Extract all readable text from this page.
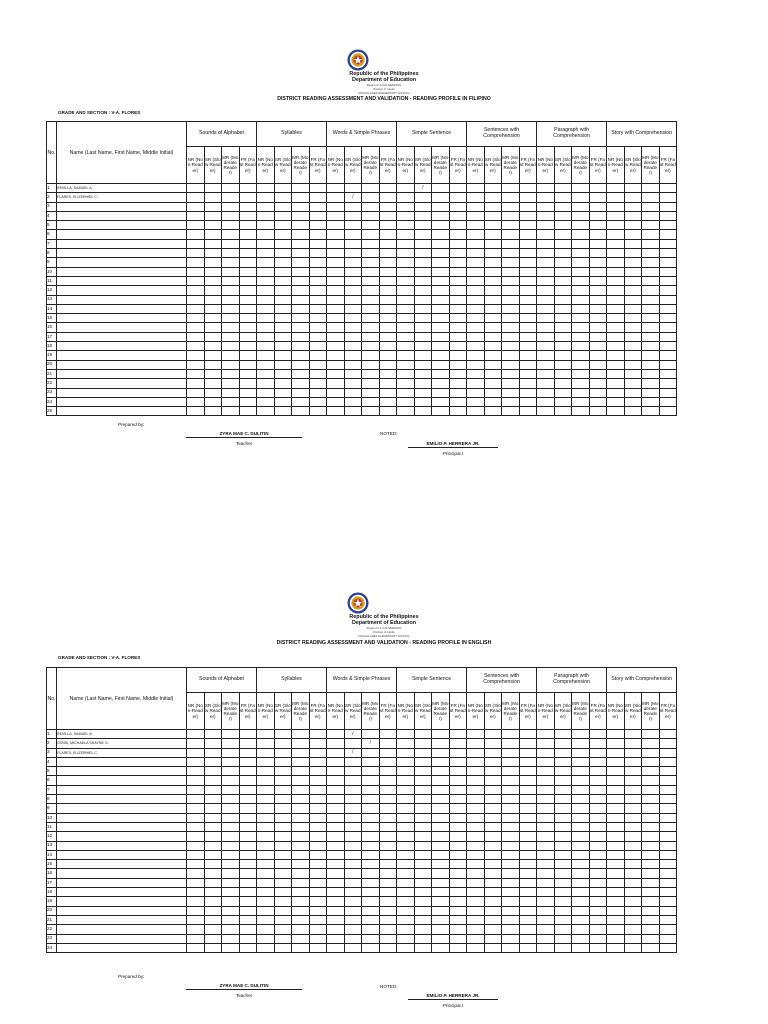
Republic of the Philippines
Department of Education
Region IV-A CALABARZON
Division of Cavite
MAGALLANES ELEMENTARY SCHOOL
DISTRICT READING ASSESSMENT AND VALIDATION - READING PROFILE IN FILIPINO
GRADE AND SECTION : V-A. FLORES
No.	Name (Last Name, First Name, Middle Initial)	Sounds of Alphabet				Syllables				Words & Simple Phrases				Simple Sentence				Sentences with Comprehension				Paragraph with Comprehension				Story with Comprehension			
		NR (Non-Reader)	SR (Slow Reader)	MR (Moderate Reader)	FR (Fast Reader)	NR (Non-Reader)	SR (Slow Reader)	MR (Moderate Reader)	FR (Fast Reader)	NR (Non-Reader)	SR (Slow Reader)	MR (Moderate Reader)	FR (Fast Reader)	NR (Non-Reader)	SR (Slow Reader)	MR (Moderate Reader)	FR (Fast Reader)	NR (Non-Reader)	SR (Slow Reader)	MR (Moderate Reader)	FR (Fast Reader)	NR (Non-Reader)	SR (Slow Reader)	MR (Moderate Reader)	FR (Fast Reader)	NR (Non-Reader)	SR (Slow Reader)	MR (Moderate Reader)	FR (Fast Reader)
1	REVILLA, SAMUEL A.														/														
2	FLARES, ELIZERHIEL C.										/																		
3																													
4																													
5																													
6																													
7																													
8																													
9																													
10																													
11																													
12																													
13																													
14																													
15																													
16																													
17																													
18																													
19																													
20																													
21																													
22																													
23																													
24																													
25																													
Prepared by:
ZYRA MAE C. DULITIN
Teacher
NOTED:
EMILIO P. HERRERA JR.
Principal I
Republic of the Philippines
Department of Education
Region IV-A CALABARZON
Division of Cavite
MAGALLANES ELEMENTARY SCHOOL
DISTRICT READING ASSESSMENT AND VALIDATION - READING PROFILE IN ENGLISH
GRADE AND SECTION : V-A. FLORES
No.	Name (Last Name, First Name, Middle Initial)	Sounds of Alphabet				Syllables				Words & Simple Phrases				Simple Sentence				Sentences with Comprehension				Paragraph with Comprehension				Story with Comprehension			
		NR (Non-Reader)	SR (Slow Reader)	MR (Moderate Reader)	FR (Fast Reader)	NR (Non-Reader)	SR (Slow Reader)	MR (Moderate Reader)	FR (Fast Reader)	NR (Non-Reader)	SR (Slow Reader)	MR (Moderate Reader)	FR (Fast Reader)	NR (Non-Reader)	SR (Slow Reader)	MR (Moderate Reader)	FR (Fast Reader)	NR (Non-Reader)	SR (Slow Reader)	MR (Moderate Reader)	FR (Fast Reader)	NR (Non-Reader)	SR (Slow Reader)	MR (Moderate Reader)	FR (Fast Reader)	NR (Non-Reader)	SR (Slow Reader)	MR (Moderate Reader)	FR (Fast Reader)
1	REVILLA, SAMUEL A.										/																		
2	CENID, MICHAELA SHAYNE G.											/																	
3	FLARES, ELIZERHIEL C.										/																		
4																													
5																													
6																													
7																													
8																													
9																													
10																													
11																													
12																													
13																													
14																													
15																													
16																													
17																													
18																													
19																													
20																													
21																													
22																													
23																													
24																													
Prepared by:
ZYRA MAE C. DULITIN
Teacher
NOTED:
EMILIO P. HERRERA JR.
Principal I
